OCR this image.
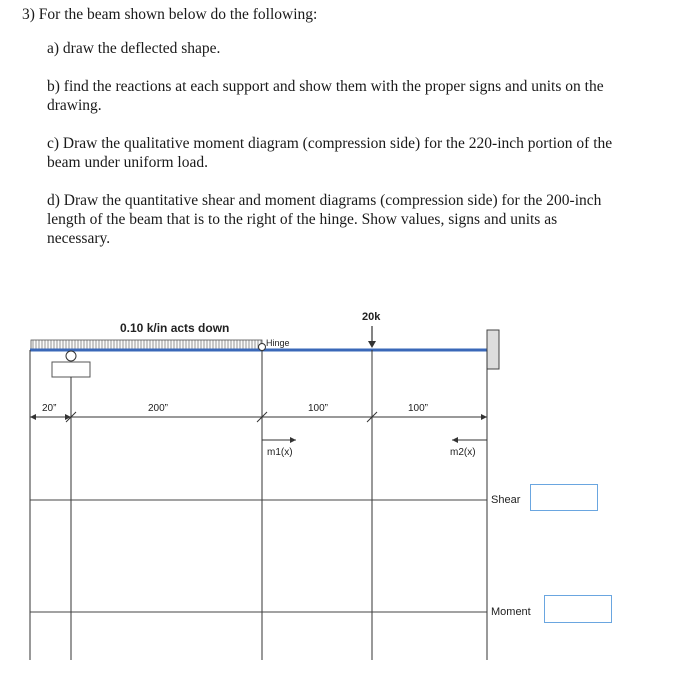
3) For the beam shown below do the following:
a) draw the deflected shape.
b) find the reactions at each support and show them with the proper signs and units on the drawing.
c) Draw the qualitative moment diagram (compression side) for the 220-inch portion of the beam under uniform load.
d) Draw the quantitative shear and moment diagrams (compression side) for the 200-inch length of the beam that is to the right of the hinge. Show values, signs and units as necessary.
Hinge
20k
0.10 k/in acts down
20”	200”	100”	100”
m1(x)	m2(x)
Shear
Moment
